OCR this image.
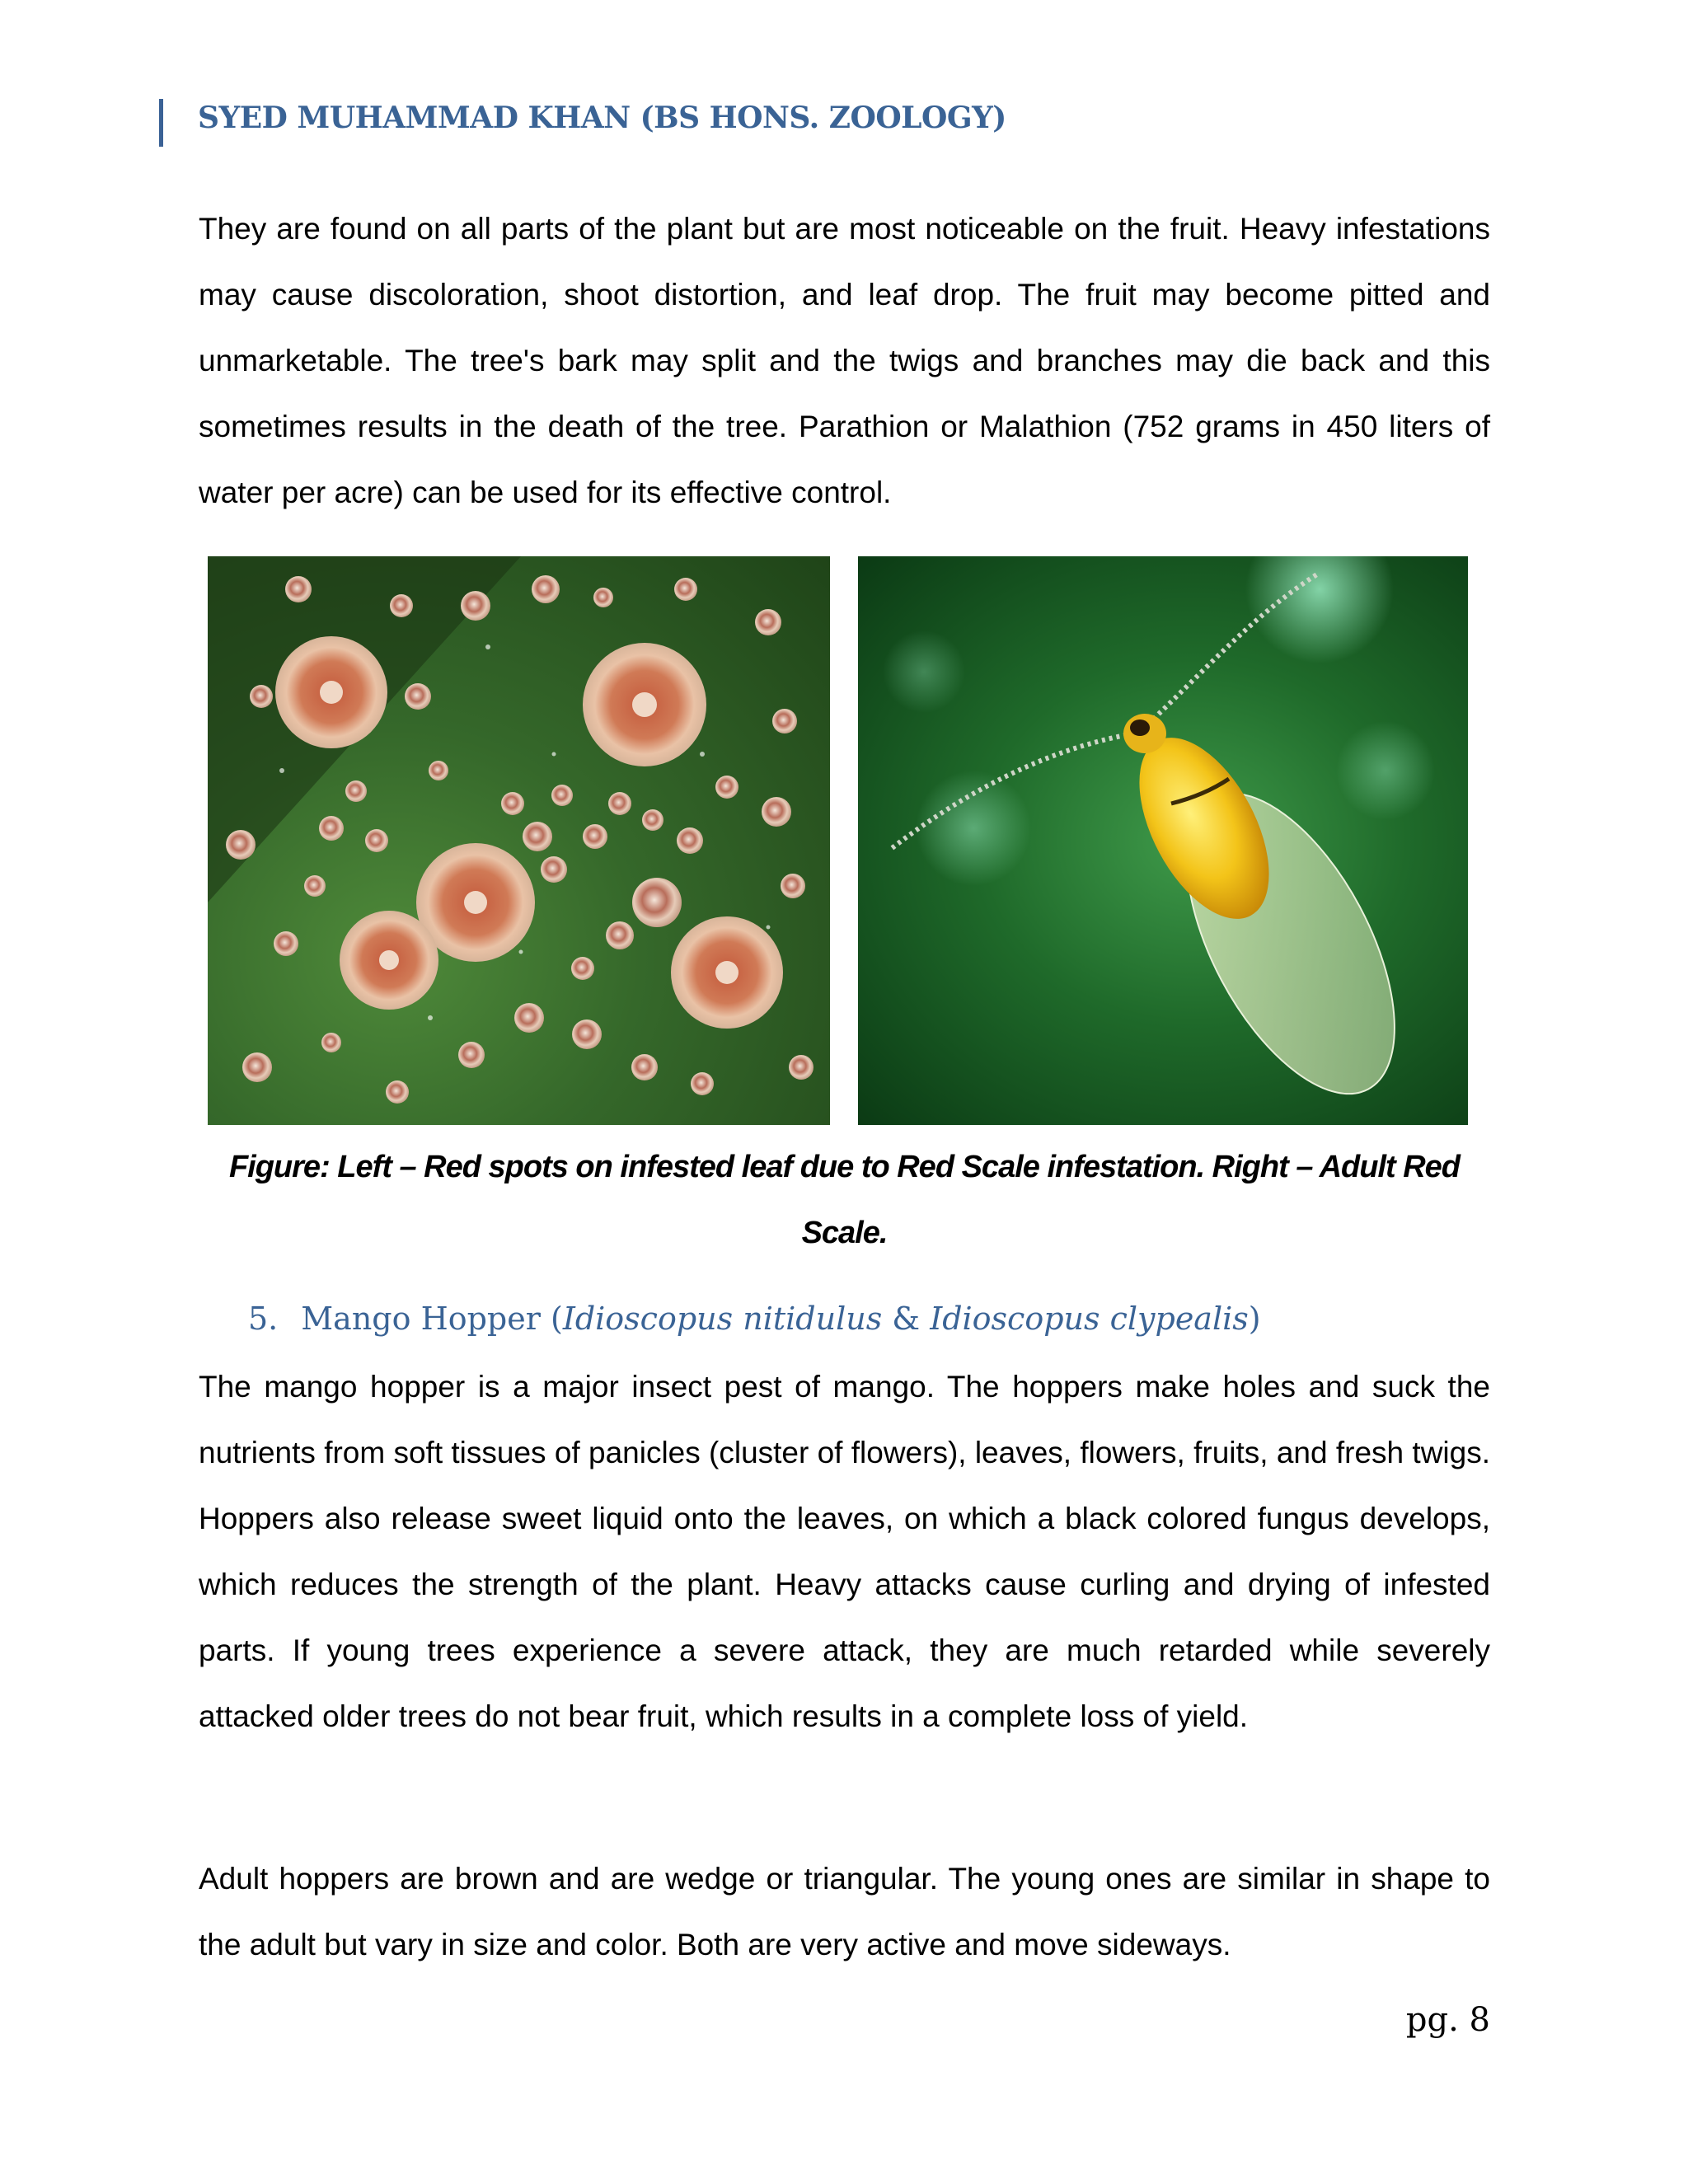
SYED MUHAMMAD KHAN (BS HONS. ZOOLOGY)

They are found on all parts of the plant but are most noticeable on the fruit. Heavy infestations may cause discoloration, shoot distortion, and leaf drop. The fruit may become pitted and unmarketable. The tree's bark may split and the twigs and branches may die back and this sometimes results in the death of the tree. Parathion or Malathion (752 grams in 450 liters of water per acre) can be used for its effective control.

Figure: Left – Red spots on infested leaf due to Red Scale infestation. Right – Adult Red Scale.

5. Mango Hopper (Idioscopus nitidulus & Idioscopus clypealis)

The mango hopper is a major insect pest of mango. The hoppers make holes and suck the nutrients from soft tissues of panicles (cluster of flowers), leaves, flowers, fruits, and fresh twigs. Hoppers also release sweet liquid onto the leaves, on which a black colored fungus develops, which reduces the strength of the plant. Heavy attacks cause curling and drying of infested parts. If young trees experience a severe attack, they are much retarded while severely attacked older trees do not bear fruit, which results in a complete loss of yield.

Adult hoppers are brown and are wedge or triangular. The young ones are similar in shape to the adult but vary in size and color. Both are very active and move sideways.

pg. 8
